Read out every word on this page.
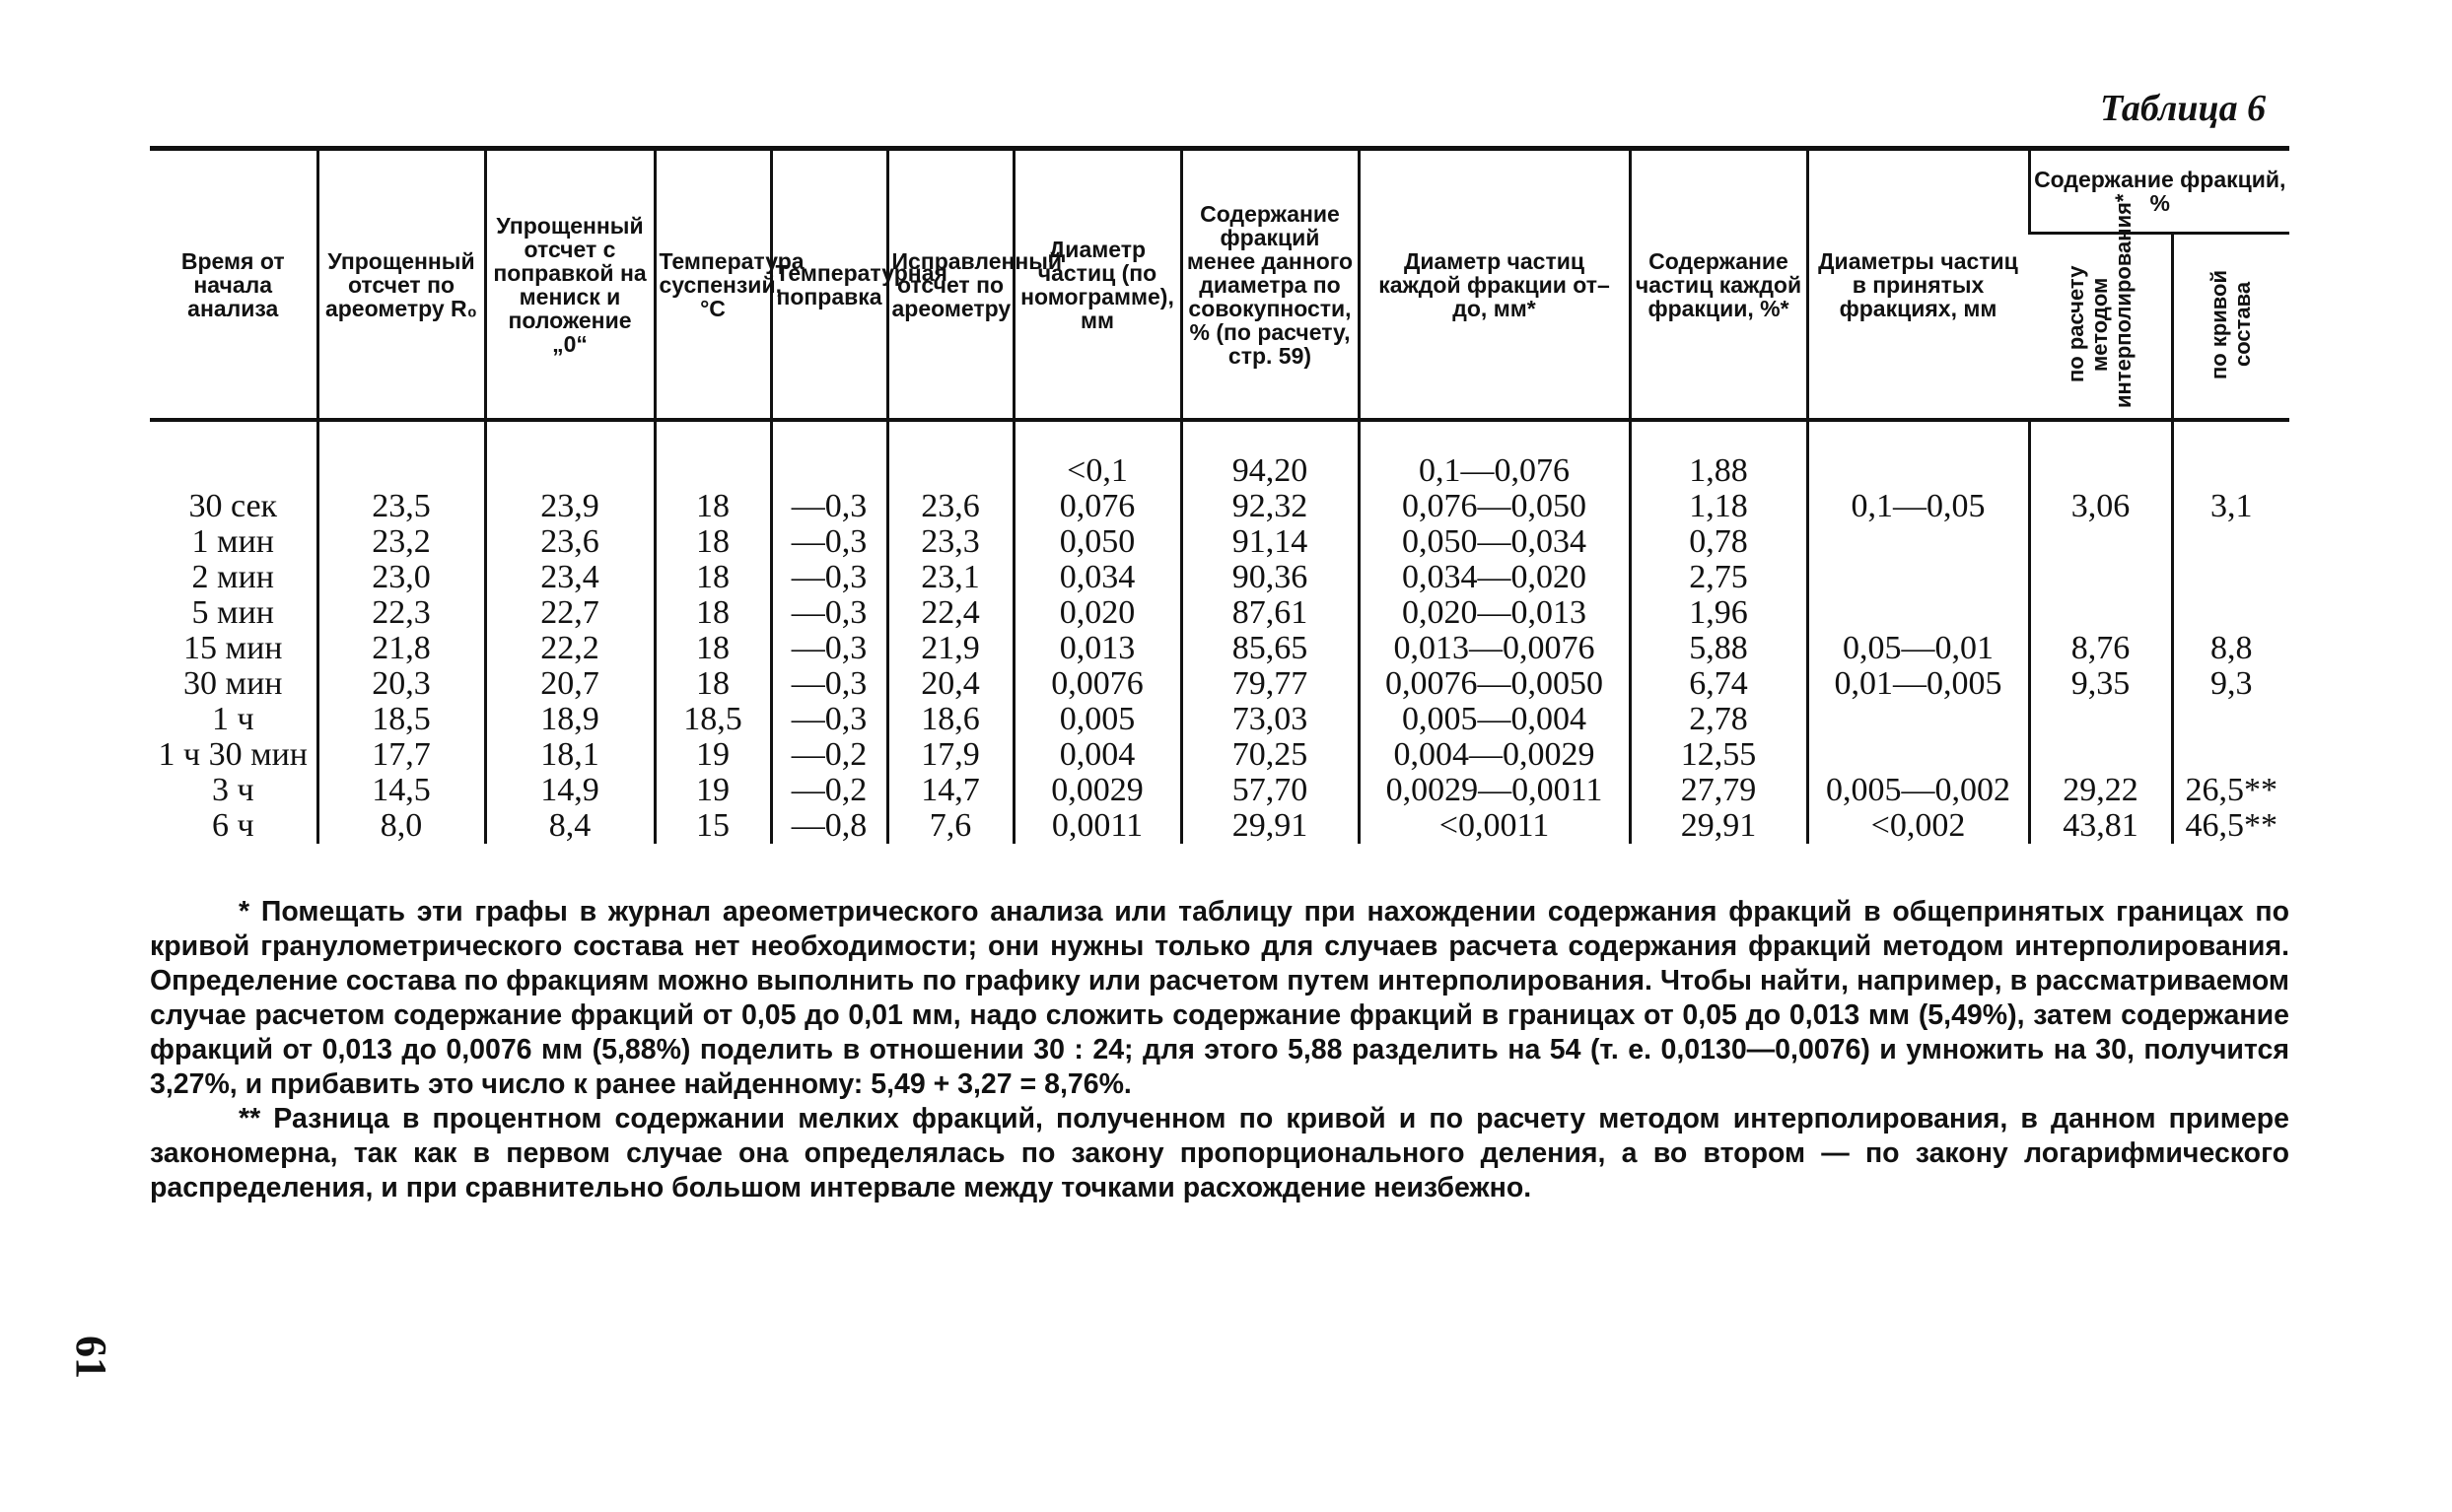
Таблица 6
Время от начала анализа	Упрощенный отсчет по ареометру R₀	Упрощенный отсчет с поправкой на мениск и положение „0“	Температура суспензий, °С	Температурная поправка	Исправленный отсчет по ареометру	Диаметр частиц (по номограмме), мм	Содержание фракций менее данного диаметра по совокупности, % (по расчету, стр. 59)	Диаметр частиц каждой фракции от–до, мм*	Содержание частиц каждой фракции, %*	Диаметры частиц в принятых фракциях, мм	Содержание фракций, %	
											по расчету методом интерполирования*	по кривой состава

						<0,1	94,20	0,1—0,076	1,88			
30 сек	23,5	23,9	18	—0,3	23,6	0,076	92,32	0,076—0,050	1,18	0,1—0,05	3,06	3,1
1 мин	23,2	23,6	18	—0,3	23,3	0,050	91,14	0,050—0,034	0,78			
2 мин	23,0	23,4	18	—0,3	23,1	0,034	90,36	0,034—0,020	2,75			
5 мин	22,3	22,7	18	—0,3	22,4	0,020	87,61	0,020—0,013	1,96			
15 мин	21,8	22,2	18	—0,3	21,9	0,013	85,65	0,013—0,0076	5,88	0,05—0,01	8,76	8,8
30 мин	20,3	20,7	18	—0,3	20,4	0,0076	79,77	0,0076—0,0050	6,74	0,01—0,005	9,35	9,3
1 ч	18,5	18,9	18,5	—0,3	18,6	0,005	73,03	0,005—0,004	2,78			
1 ч 30 мин	17,7	18,1	19	—0,2	17,9	0,004	70,25	0,004—0,0029	12,55			
3 ч	14,5	14,9	19	—0,2	14,7	0,0029	57,70	0,0029—0,0011	27,79	0,005—0,002	29,22	26,5**
6 ч	8,0	8,4	15	—0,8	7,6	0,0011	29,91	<0,0011	29,91	<0,002	43,81	46,5**

* Помещать эти графы в журнал ареометрического анализа или таблицу при нахождении содержания фракций в общепринятых границах по кривой гранулометрического состава нет необходимости; они нужны только для случаев расчета содержания фракций методом интерполирования. Определение состава по фракциям можно выполнить по графику или расчетом путем интерполирования. Чтобы найти, например, в рассматриваемом случае расчетом содержание фракций от 0,05 до 0,01 мм, надо сложить содержание фракций в границах от 0,05 до 0,013 мм (5,49%), затем содержание фракций от 0,013 до 0,0076 мм (5,88%) поделить в отношении 30 : 24; для этого 5,88 разделить на 54 (т. е. 0,0130—0,0076) и умножить на 30, получится 3,27%, и прибавить это число к ранее найденному: 5,49 + 3,27 = 8,76%.

** Разница в процентном содержании мелких фракций, полученном по кривой и по расчету методом интерполирования, в данном примере закономерна, так как в первом случае она определялась по закону пропорционального деления, а во втором — по закону логарифмического распределения, и при сравнительно большом интервале между точками расхождение неизбежно.

61
